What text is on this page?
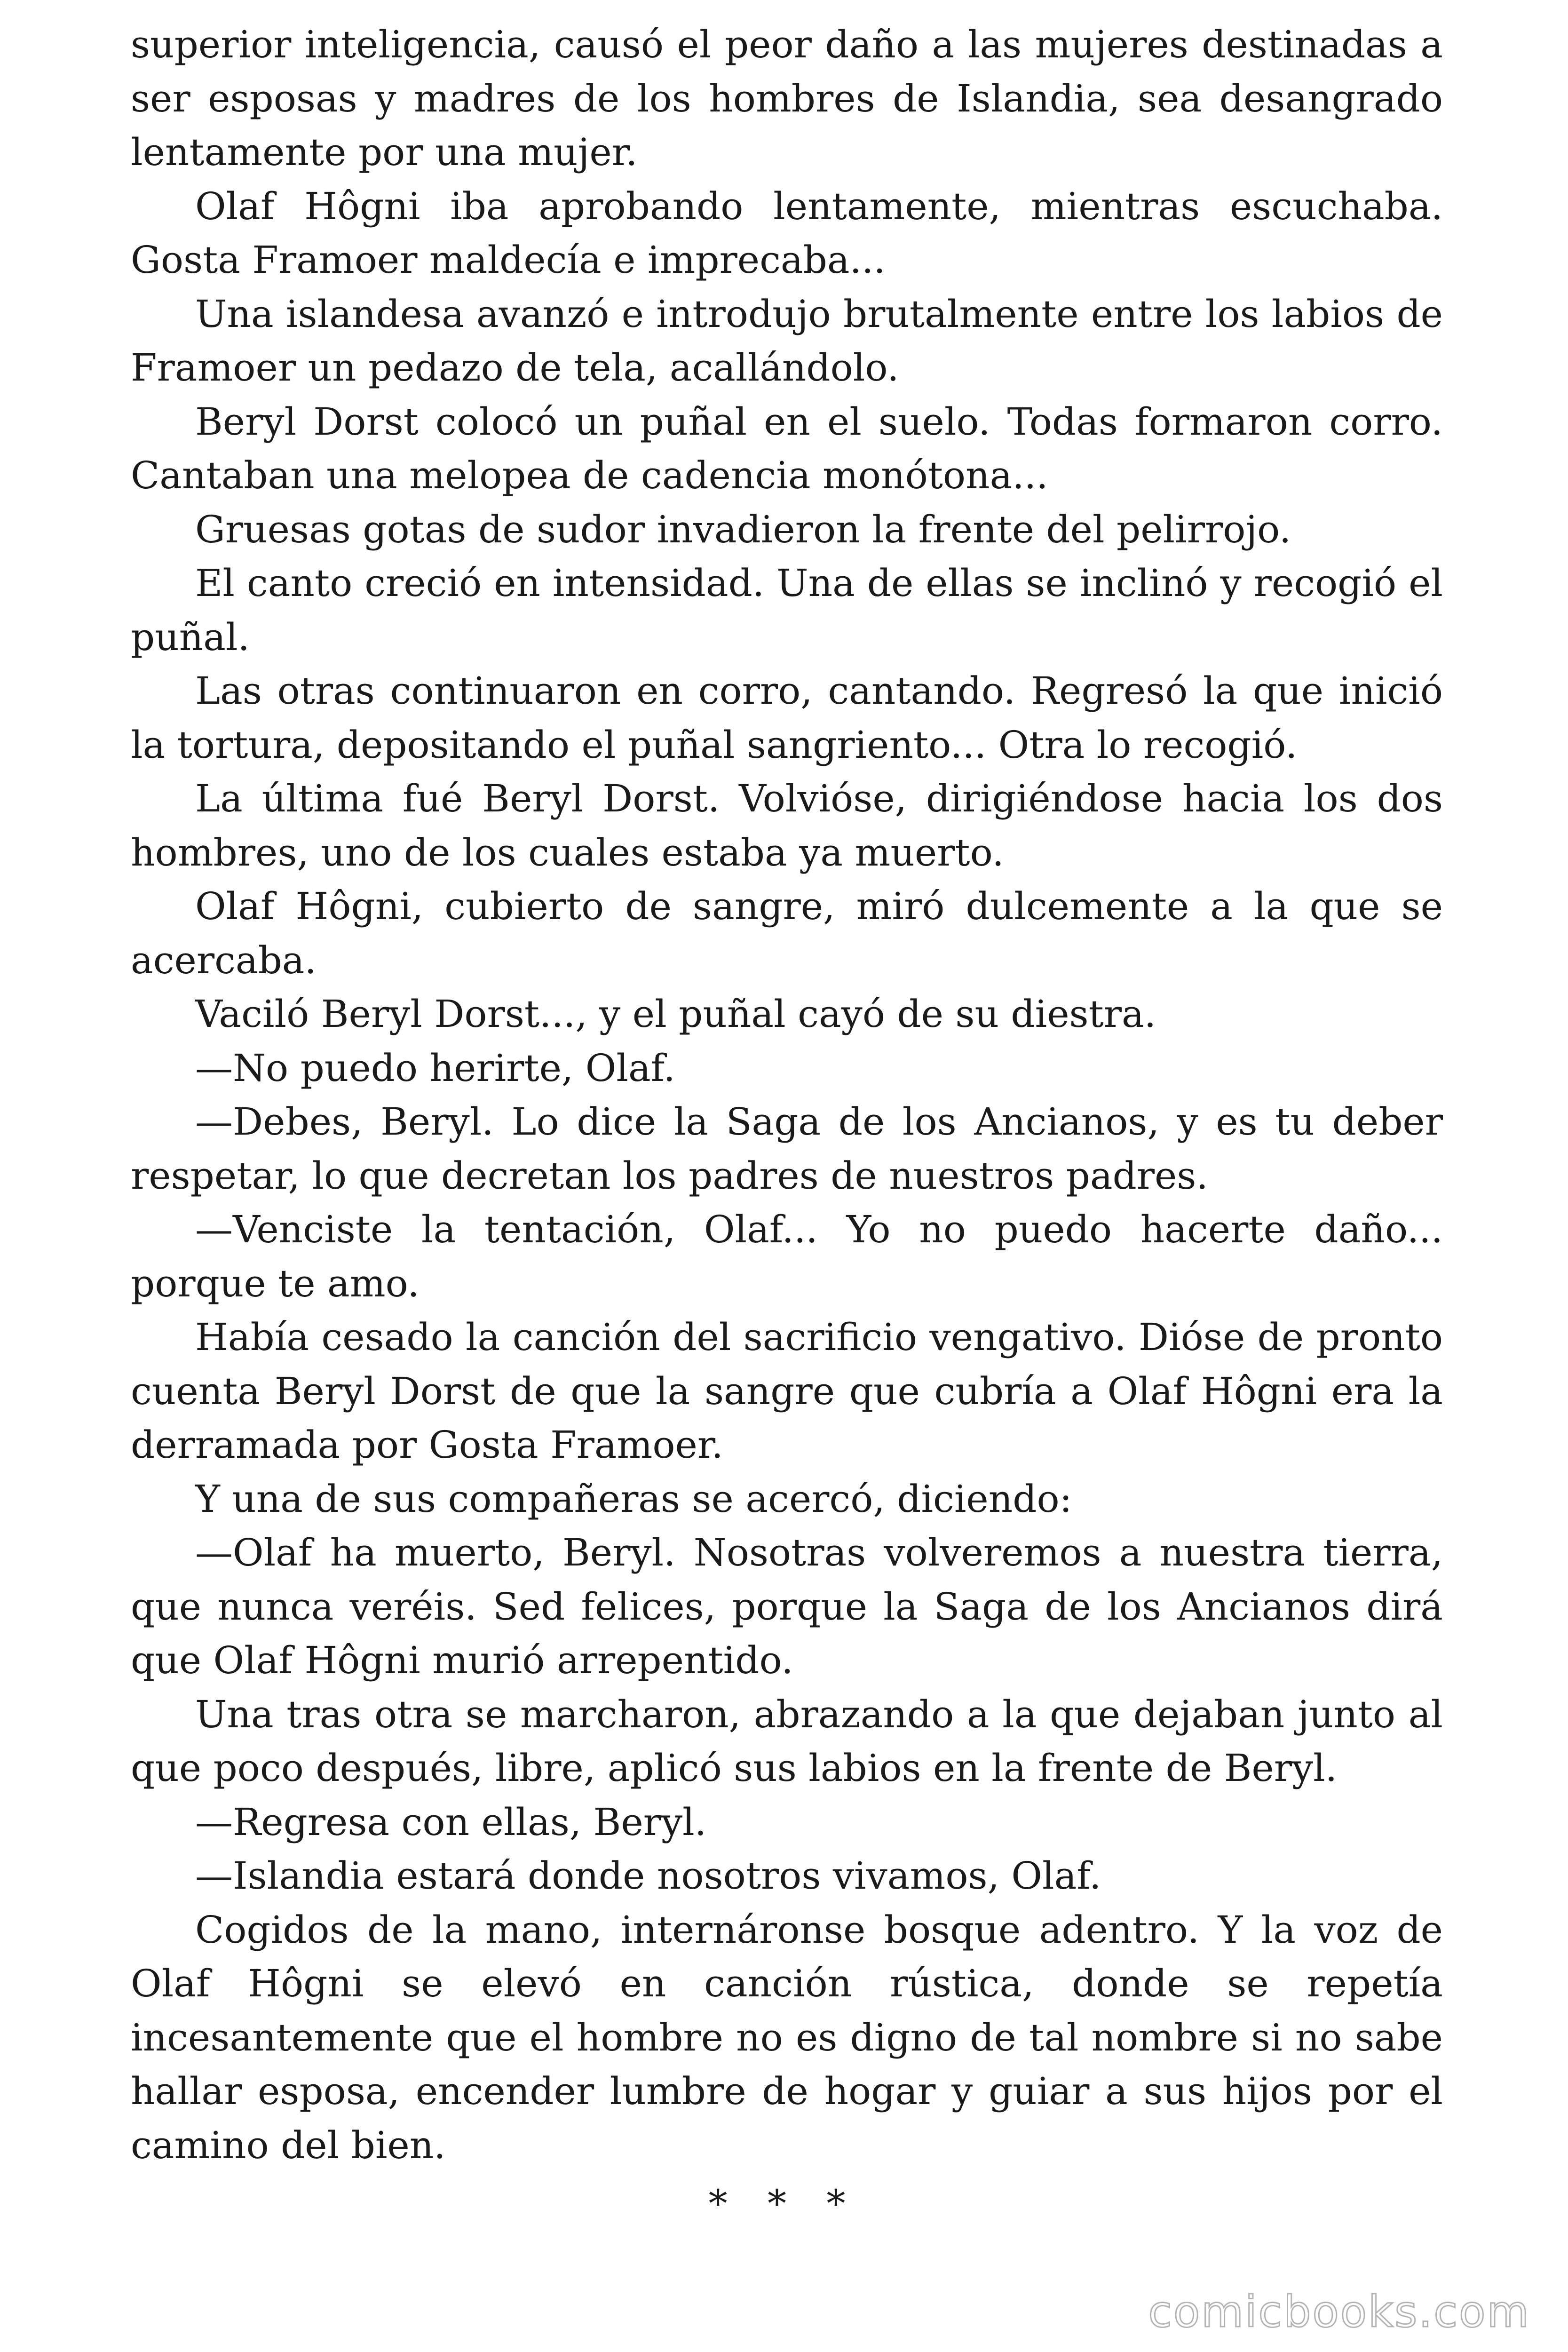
superior inteligencia, causó el peor daño a las mujeres destinadas a ser esposas y madres de los hombres de Islandia, sea desangrado lentamente por una mujer.

Olaf Hôgni iba aprobando lentamente, mientras escuchaba. Gosta Framoer maldecía e imprecaba...

Una islandesa avanzó e introdujo brutalmente entre los labios de Framoer un pedazo de tela, acallándolo.

Beryl Dorst colocó un puñal en el suelo. Todas formaron corro. Cantaban una melopea de cadencia monótona...

Gruesas gotas de sudor invadieron la frente del pelirrojo.

El canto creció en intensidad. Una de ellas se inclinó y recogió el puñal.

Las otras continuaron en corro, cantando. Regresó la que inició la tortura, depositando el puñal sangriento... Otra lo recogió.

La última fué Beryl Dorst. Volvióse, dirigiéndose hacia los dos hombres, uno de los cuales estaba ya muerto.

Olaf Hôgni, cubierto de sangre, miró dulcemente a la que se acercaba.

Vaciló Beryl Dorst..., y el puñal cayó de su diestra.

—No puedo herirte, Olaf.

—Debes, Beryl. Lo dice la Saga de los Ancianos, y es tu deber respetar, lo que decretan los padres de nuestros padres.

—Venciste la tentación, Olaf... Yo no puedo hacerte daño... porque te amo.

Había cesado la canción del sacrificio vengativo. Dióse de pronto cuenta Beryl Dorst de que la sangre que cubría a Olaf Hôgni era la derramada por Gosta Framoer.

Y una de sus compañeras se acercó, diciendo:

—Olaf ha muerto, Beryl. Nosotras volveremos a nuestra tierra, que nunca veréis. Sed felices, porque la Saga de los Ancianos dirá que Olaf Hôgni murió arrepentido.

Una tras otra se marcharon, abrazando a la que dejaban junto al que poco después, libre, aplicó sus labios en la frente de Beryl.

—Regresa con ellas, Beryl.

—Islandia estará donde nosotros vivamos, Olaf.

Cogidos de la mano, internáronse bosque adentro. Y la voz de Olaf Hôgni se elevó en canción rústica, donde se repetía incesantemente que el hombre no es digno de tal nombre si no sabe hallar esposa, encender lumbre de hogar y guiar a sus hijos por el camino del bien.

* * *
comicbooks.com
